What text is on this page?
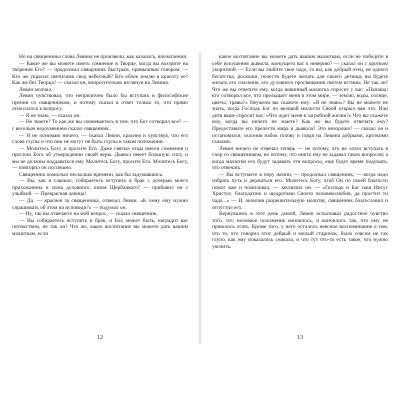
Но на священника слова Левина не произвели, как казалось, впечатления.

— Какое же вы можете иметь сомнение в Творце, когда вы воззрите на творения Его? — продолжал священник быстрым, привычным говором. — Кто же украсил светилами свод небесный? Кто облек землю в красоту ее? Как же без Творца? — сказал он, вопросительно взглянув на Левина.

Левин молчал.

Левин чувствовал, что неприлично было бы вступать в философские прения со священником, и потому сказал в ответ только то, что прямо относилось к вопросу.

— Я не знаю, — сказал он.

— Не знаете? То как же вы сомневаетесь в том, что Бог сотворил все? — с веселым недоумением сказал священник.

— Я не понимаю ничего, — сказал Левин, краснея и чувствуя, что его слова глупы и что они не могут не быть глупы в таком положении.

— Молитесь Богу и просите Его. Даже святые отцы имели сомнения и просили Бога об утверждении своей веры. Дьявол имеет большую силу, и мы не должны поддаваться ему. Молитесь Богу, просите Его. Молитесь Богу, — повторил он поспешно.

Священник помолчал несколько времени, как бы задумавшись.

— Вы, как я слышал, собираетесь вступить в брак с дочерью моего прихожанина и сына духовного, князя Щербацкого? — прибавил он с улыбкой. — Прекрасная девица!

— Да, — краснея за священника, отвечал Левин. «К чему ему нужно спрашивать об этом на исповеди?» — подумал он.

— Ну, так вы отвечаете на мой вопрос, — сказал священник.

— Вы собираетесь вступить в брак, и Бог, может быть, наградит вас потомством, не так ли? Что же, какое воспитание вы можете дать вашим малюткам, если

12

какое воспитание вы можете дать вашим малюткам, если не победите в себе искушения дьявола, влекущего вас к неверию? — сказал он с кроткою укоризной. — Если вы любите свое чадо, то вы, как добрый отец, не одного богатства, роскоши, почести будете желать для своего детища; вы будете желать его спасения, его духовного просвещения светом истины. Не так ли? Что же вы ответите ему, когда невинный малютка спросит у вас: «Папаша! кто сотворил все, что прельщает меня в этом мире, — землю, воды, солнце, цветы, травы?» Неужели вы скажете ему: «Я не знаю»? Вы не можете не знать, когда Господь Бог по великой милости Своей открыл вам это. Или дитя ваше спросит вас: «Что ждет меня в загробной жизни?» Что вы скажете ему, когда вы ничего не знаете? Как же вы будете отвечать ему? Предоставите его прелести мира и дьявола? Это нехорошо! — сказал он и остановился, склонив набок голову и глядя на Левина добрыми, кроткими глазами.

Левин ничего не отвечал теперь — не потому, что не хотел вступать в спор со священником, но потому, что никто ему не задавал таких вопросов; а когда малютки его будут задавать эти вопросы, еще будет время подумать, что отвечать.

— Вы вступаете в пору жизни, — продолжал священник, — когда надо избрать путь и держаться его. Молитесь Богу, чтоб Он по своей благости помог вам и помиловал, — заключил он. — «Господь и Бог наш Иисус Христос, благодатию и щедротами Своего человеколюбия, да простит ти чадо...» — И, окончив разрешительную молитву, священник благословил и отпустил его.

Вернувшись в этот день домой, Левин испытывал радостное чувство того, что неловкое положение кончилось, и кончилось так, что ему не пришлось лгать. Кроме того, у него осталось неясное воспоминание о том, что то, что говорил этот добрый и милый старичок, было совсем не так глупо, как ему показалось сначала, и что тут что-то есть такое, что нужно уяснить.

13
